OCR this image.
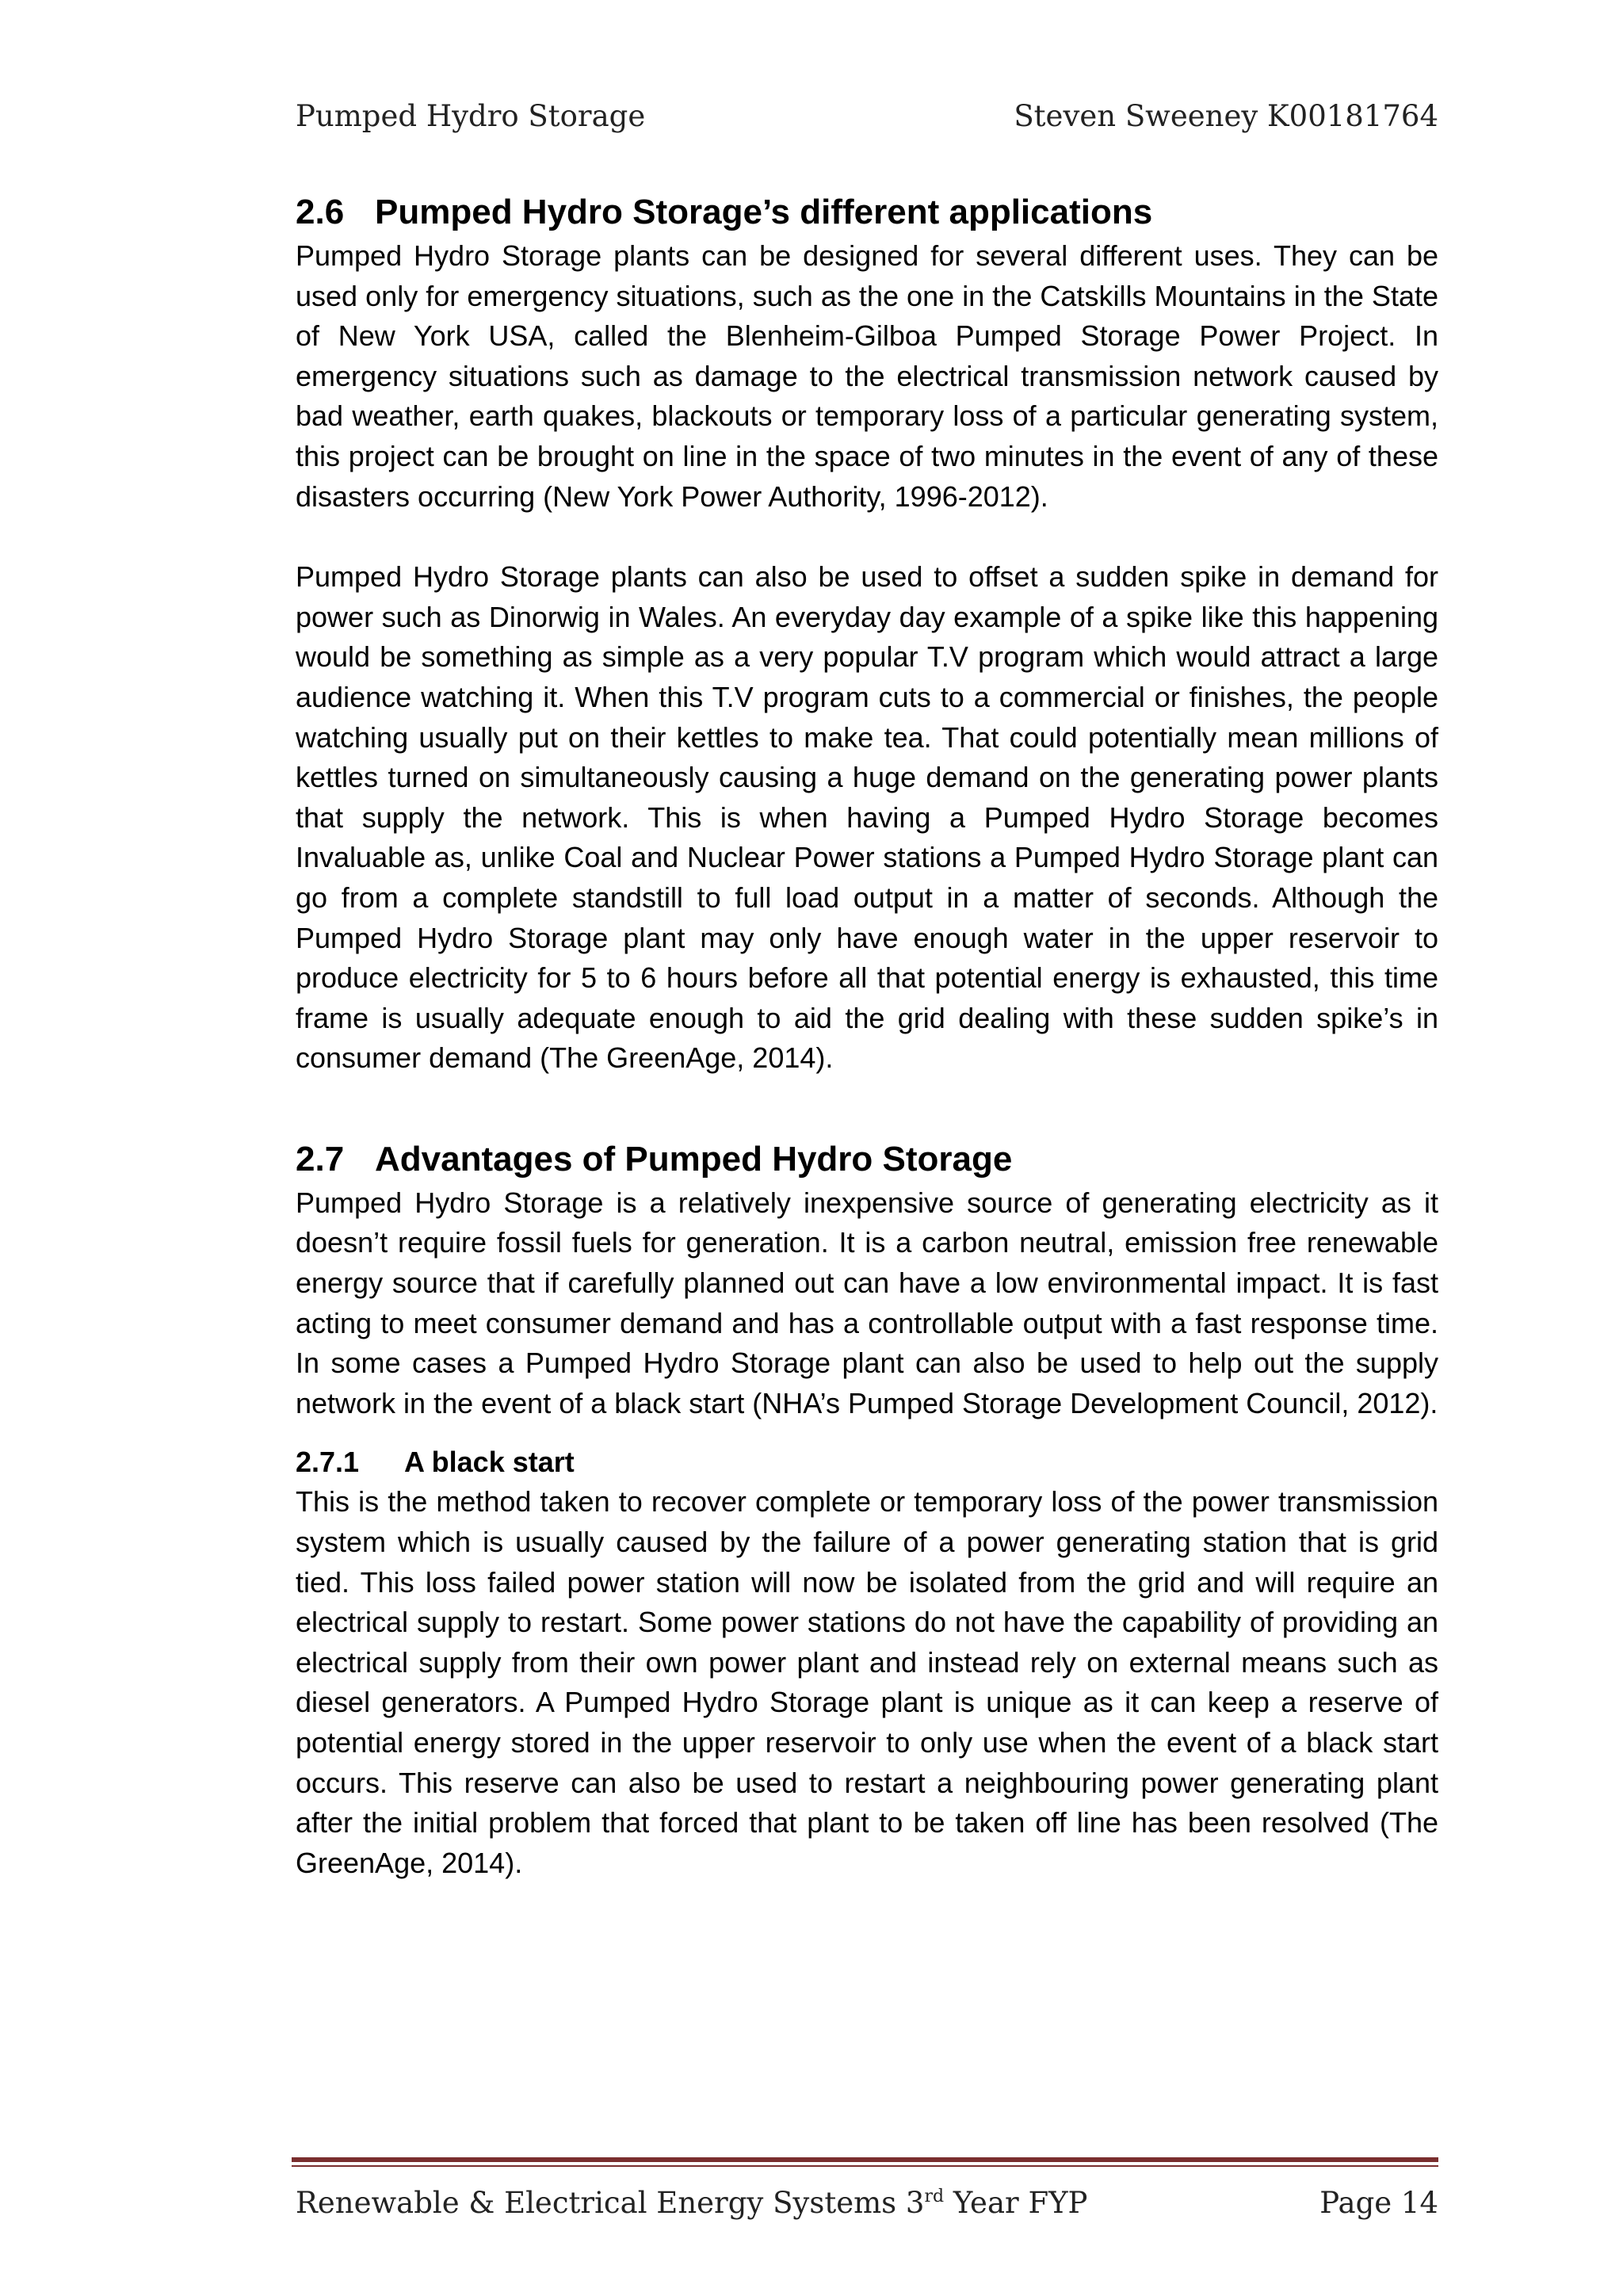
Pumped Hydro Storage	Steven Sweeney K00181764
2.6 Pumped Hydro Storage’s different applications

Pumped Hydro Storage plants can be designed for several different uses. They can be used only for emergency situations, such as the one in the Catskills Mountains in the State of New York USA, called the Blenheim-Gilboa Pumped Storage Power Project. In emergency situations such as damage to the electrical transmission network caused by bad weather, earth quakes, blackouts or temporary loss of a particular generating system, this project can be brought on line in the space of two minutes in the event of any of these disasters occurring (New York Power Authority, 1996-2012).

Pumped Hydro Storage plants can also be used to offset a sudden spike in demand for power such as Dinorwig in Wales. An everyday day example of a spike like this happening would be something as simple as a very popular T.V program which would attract a large audience watching it. When this T.V program cuts to a commercial or finishes, the people watching usually put on their kettles to make tea. That could potentially mean millions of kettles turned on simultaneously causing a huge demand on the generating power plants that supply the network. This is when having a Pumped Hydro Storage becomes Invaluable as, unlike Coal and Nuclear Power stations a Pumped Hydro Storage plant can go from a complete standstill to full load output in a matter of seconds. Although the Pumped Hydro Storage plant may only have enough water in the upper reservoir to produce electricity for 5 to 6 hours before all that potential energy is exhausted, this time frame is usually adequate enough to aid the grid dealing with these sudden spike’s in consumer demand (The GreenAge, 2014).

2.7 Advantages of Pumped Hydro Storage

Pumped Hydro Storage is a relatively inexpensive source of generating electricity as it doesn’t require fossil fuels for generation. It is a carbon neutral, emission free renewable energy source that if carefully planned out can have a low environmental impact. It is fast acting to meet consumer demand and has a controllable output with a fast response time. In some cases a Pumped Hydro Storage plant can also be used to help out the supply network in the event of a black start (NHA’s Pumped Storage Development Council, 2012).

2.7.1 A black start

This is the method taken to recover complete or temporary loss of the power transmission system which is usually caused by the failure of a power generating station that is grid tied. This loss failed power station will now be isolated from the grid and will require an electrical supply to restart. Some power stations do not have the capability of providing an electrical supply from their own power plant and instead rely on external means such as diesel generators. A Pumped Hydro Storage plant is unique as it can keep a reserve of potential energy stored in the upper reservoir to only use when the event of a black start occurs. This reserve can also be used to restart a neighbouring power generating plant after the initial problem that forced that plant to be taken off line has been resolved (The GreenAge, 2014).

Renewable & Electrical Energy Systems 3rd Year FYP	Page 14
